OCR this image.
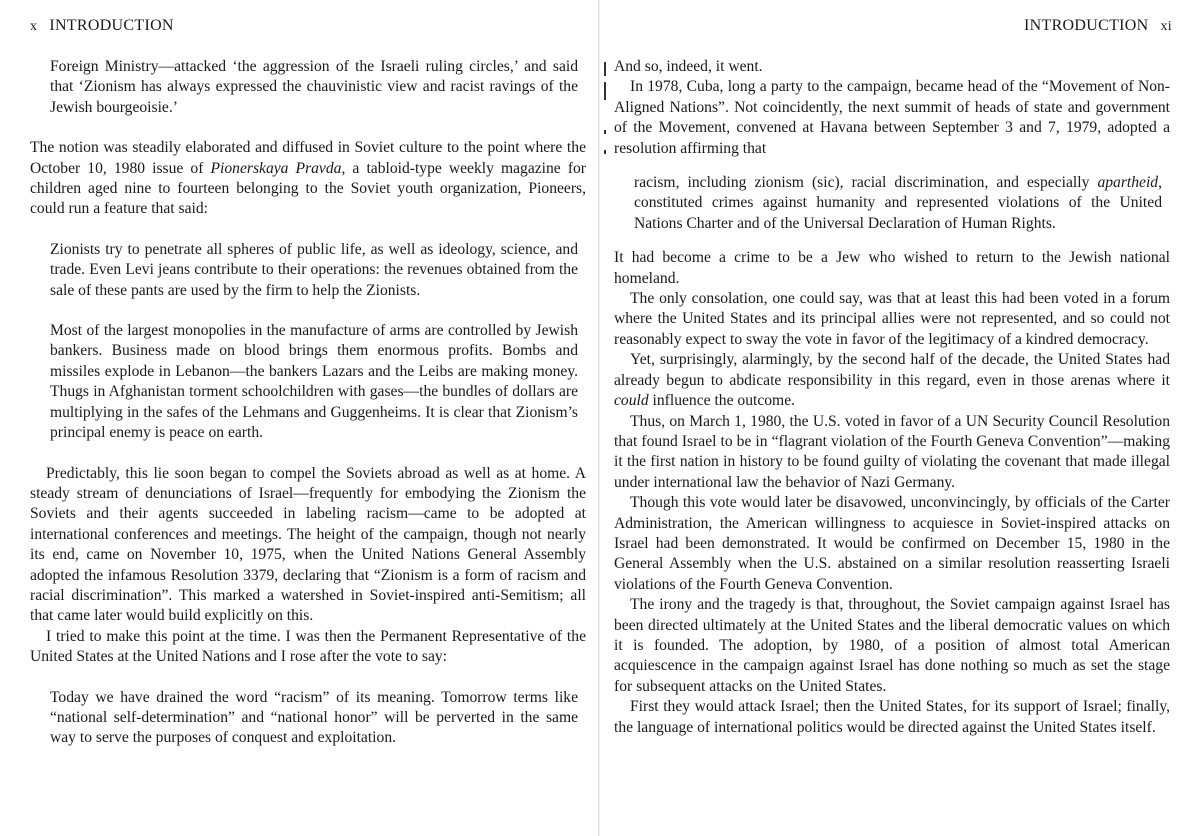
x INTRODUCTION

Foreign Ministry—attacked ‘the aggression of the Israeli ruling circles,’ and said that ‘Zionism has always expressed the chauvinistic view and racist ravings of the Jewish bourgeoisie.’

The notion was steadily elaborated and diffused in Soviet culture to the point where the October 10, 1980 issue of Pionerskaya Pravda, a tabloid-type weekly magazine for children aged nine to fourteen belonging to the Soviet youth organization, Pioneers, could run a feature that said:

Zionists try to penetrate all spheres of public life, as well as ideology, science, and trade. Even Levi jeans contribute to their operations: the revenues obtained from the sale of these pants are used by the firm to help the Zionists.

Most of the largest monopolies in the manufacture of arms are controlled by Jewish bankers. Business made on blood brings them enormous profits. Bombs and missiles explode in Lebanon—the bankers Lazars and the Leibs are making money. Thugs in Afghanistan torment schoolchildren with gases—the bundles of dollars are multiplying in the safes of the Lehmans and Guggenheims. It is clear that Zionism’s principal enemy is peace on earth.

Predictably, this lie soon began to compel the Soviets abroad as well as at home. A steady stream of denunciations of Israel—frequently for embodying the Zionism the Soviets and their agents succeeded in labeling racism—came to be adopted at international conferences and meetings. The height of the campaign, though not nearly its end, came on November 10, 1975, when the United Nations General Assembly adopted the infamous Resolution 3379, declaring that “Zionism is a form of racism and racial discrimination”. This marked a watershed in Soviet-inspired anti-Semitism; all that came later would build explicitly on this.

I tried to make this point at the time. I was then the Permanent Representative of the United States at the United Nations and I rose after the vote to say:

Today we have drained the word “racism” of its meaning. Tomorrow terms like “national self-determination” and “national honor” will be perverted in the same way to serve the purposes of conquest and exploitation.

INTRODUCTION xi

And so, indeed, it went.

In 1978, Cuba, long a party to the campaign, became head of the “Movement of Non-Aligned Nations”. Not coincidently, the next summit of heads of state and government of the Movement, convened at Havana between September 3 and 7, 1979, adopted a resolution affirming that

racism, including zionism (sic), racial discrimination, and especially apartheid, constituted crimes against humanity and represented violations of the United Nations Charter and of the Universal Declaration of Human Rights.

It had become a crime to be a Jew who wished to return to the Jewish national homeland.

The only consolation, one could say, was that at least this had been voted in a forum where the United States and its principal allies were not represented, and so could not reasonably expect to sway the vote in favor of the legitimacy of a kindred democracy.

Yet, surprisingly, alarmingly, by the second half of the decade, the United States had already begun to abdicate responsibility in this regard, even in those arenas where it could influence the outcome.

Thus, on March 1, 1980, the U.S. voted in favor of a UN Security Council Resolution that found Israel to be in “flagrant violation of the Fourth Geneva Convention”—making it the first nation in history to be found guilty of violating the covenant that made illegal under international law the behavior of Nazi Germany.

Though this vote would later be disavowed, unconvincingly, by officials of the Carter Administration, the American willingness to acquiesce in Soviet-inspired attacks on Israel had been demonstrated. It would be confirmed on December 15, 1980 in the General Assembly when the U.S. abstained on a similar resolution reasserting Israeli violations of the Fourth Geneva Convention.

The irony and the tragedy is that, throughout, the Soviet campaign against Israel has been directed ultimately at the United States and the liberal democratic values on which it is founded. The adoption, by 1980, of a position of almost total American acquiescence in the campaign against Israel has done nothing so much as set the stage for subsequent attacks on the United States.

First they would attack Israel; then the United States, for its support of Israel; finally, the language of international politics would be directed against the United States itself.
